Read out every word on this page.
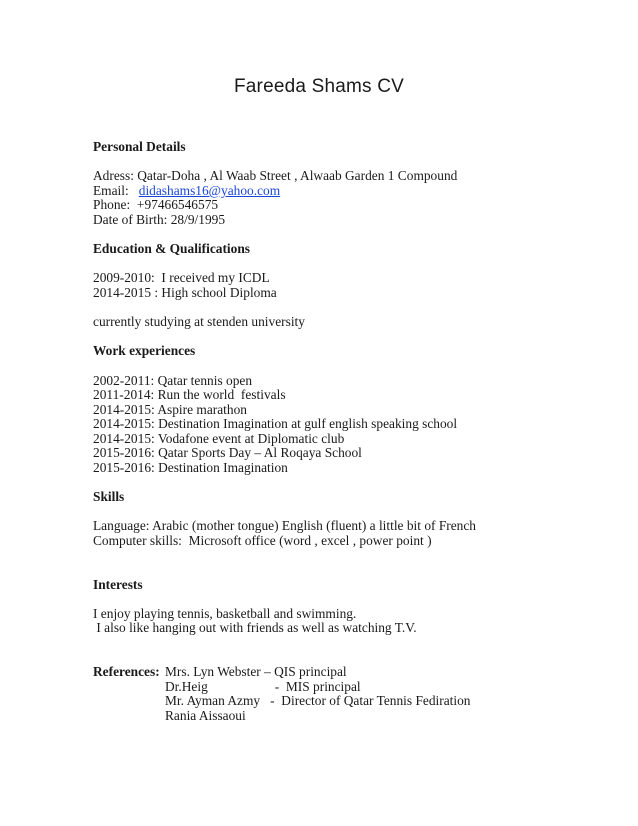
Fareeda Shams CV

Personal Details

Adress: Qatar-Doha , Al Waab Street , Alwaab Garden 1 Compound

Email:   didashams16@yahoo.com

Phone:  +97466546575

Date of Birth: 28/9/1995

Education & Qualifications

2009-2010:  I received my ICDL

2014-2015 : High school Diploma

currently studying at stenden university

Work experiences

2002-2011: Qatar tennis open

2011-2014: Run the world  festivals

2014-2015: Aspire marathon

2014-2015: Destination Imagination at gulf english speaking school

2014-2015: Vodafone event at Diplomatic club

2015-2016: Qatar Sports Day – Al Roqaya School

2015-2016: Destination Imagination

Skills

Language: Arabic (mother tongue) English (fluent) a little bit of French

Computer skills:  Microsoft office (word , excel , power point )

Interests

I enjoy playing tennis, basketball and swimming.

I also like hanging out with friends as well as watching T.V.

References: Mrs. Lyn Webster – QIS principal
Dr.Heig                    -  MIS principal
Mr. Ayman Azmy   -  Director of Qatar Tennis Fediration
Rania Aissaoui
